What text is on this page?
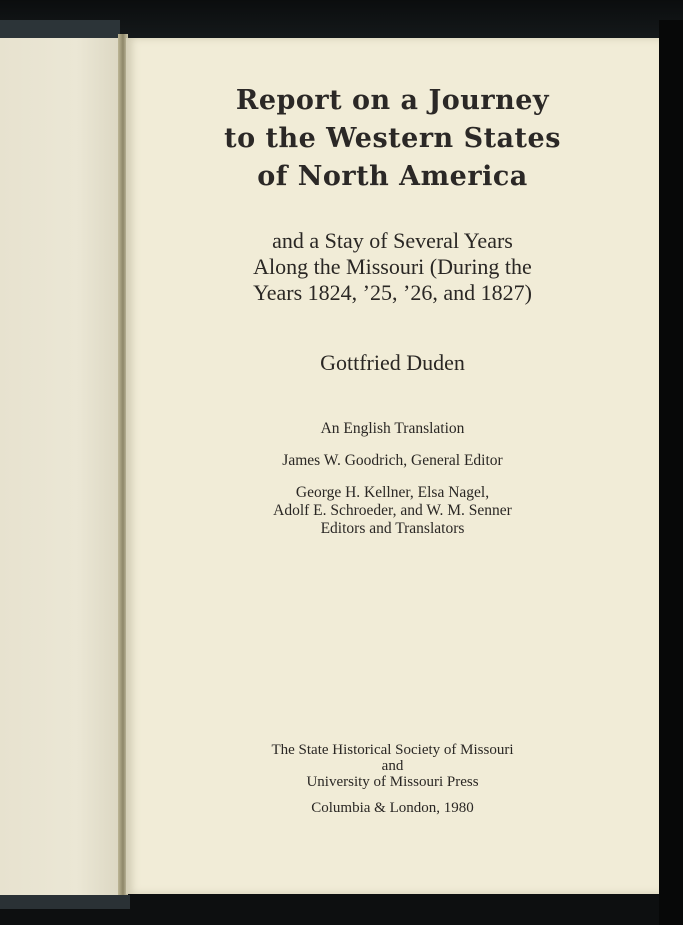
Report on a Journey
to the Western States
of North America
and a Stay of Several Years
Along the Missouri (During the
Years 1824, ’25, ’26, and 1827)
Gottfried Duden
An English Translation
James W. Goodrich, General Editor
George H. Kellner, Elsa Nagel,
Adolf E. Schroeder, and W. M. Senner
Editors and Translators
The State Historical Society of Missouri
and
University of Missouri Press
Columbia & London, 1980
